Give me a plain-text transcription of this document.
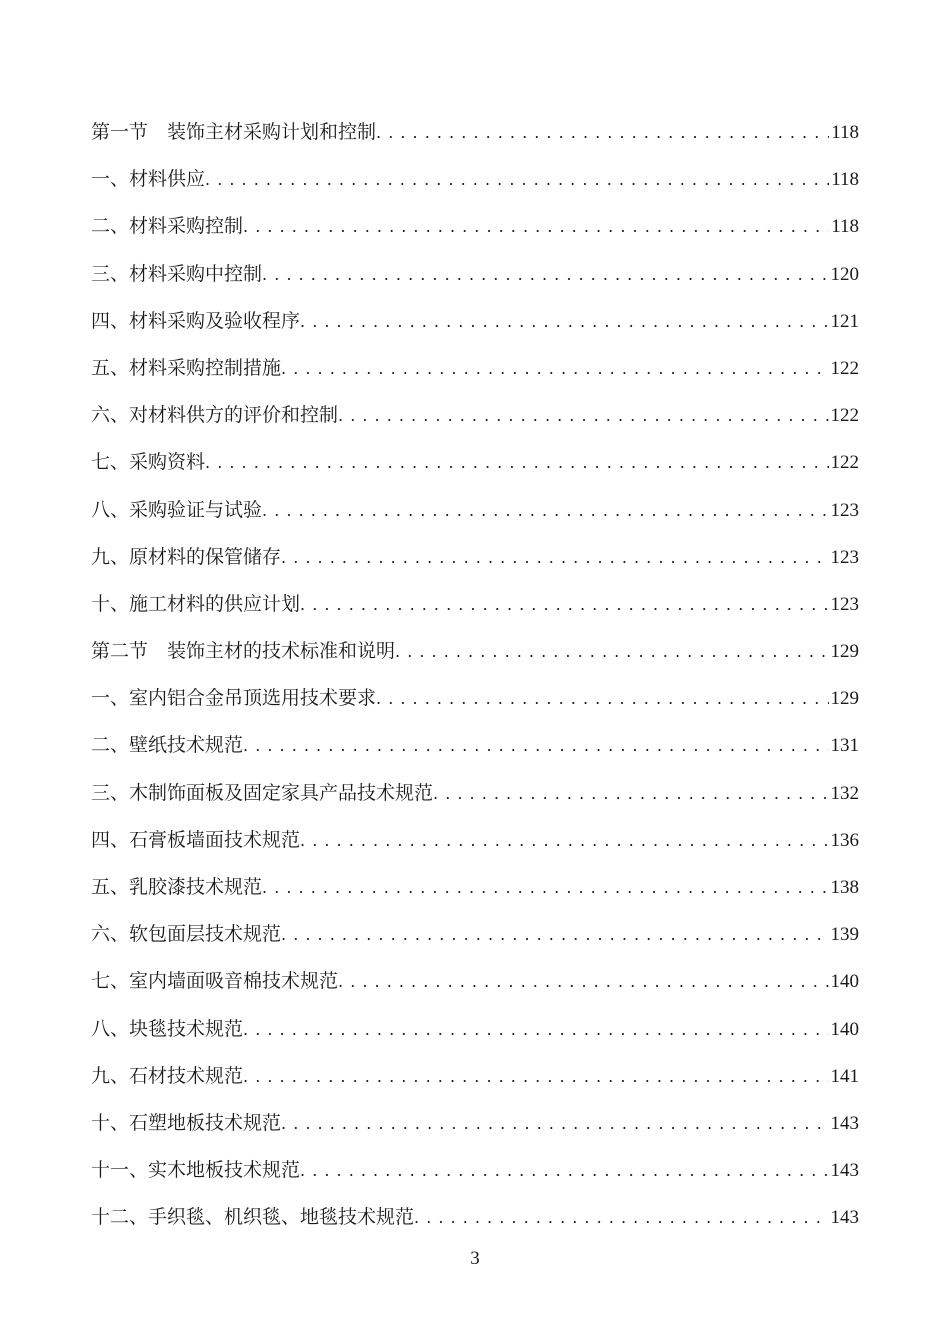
第一节　装饰主材采购计划和控制 . . .	118
一、材料供应 . . .	118
二、材料采购控制 . . .	118
三、材料采购中控制 . . .	120
四、材料采购及验收程序 . . .	121
五、材料采购控制措施 . . .	122
六、对材料供方的评价和控制 . . .	122
七、采购资料 . . .	122
八、采购验证与试验 . . .	123
九、原材料的保管储存 . . .	123
十、施工材料的供应计划 . . .	123
第二节　装饰主材的技术标准和说明 . . .	129
一、室内铝合金吊顶选用技术要求 . . .	129
二、壁纸技术规范 . . .	131
三、木制饰面板及固定家具产品技术规范 . . .	132
四、石膏板墙面技术规范 . . .	136
五、乳胶漆技术规范 . . .	138
六、软包面层技术规范 . . .	139
七、室内墙面吸音棉技术规范 . . .	140
八、块毯技术规范 . . .	140
九、石材技术规范 . . .	141
十、石塑地板技术规范 . . .	143
十一、实木地板技术规范 . . .	143
十二、手织毯、机织毯、地毯技术规范 . . .	143
3
